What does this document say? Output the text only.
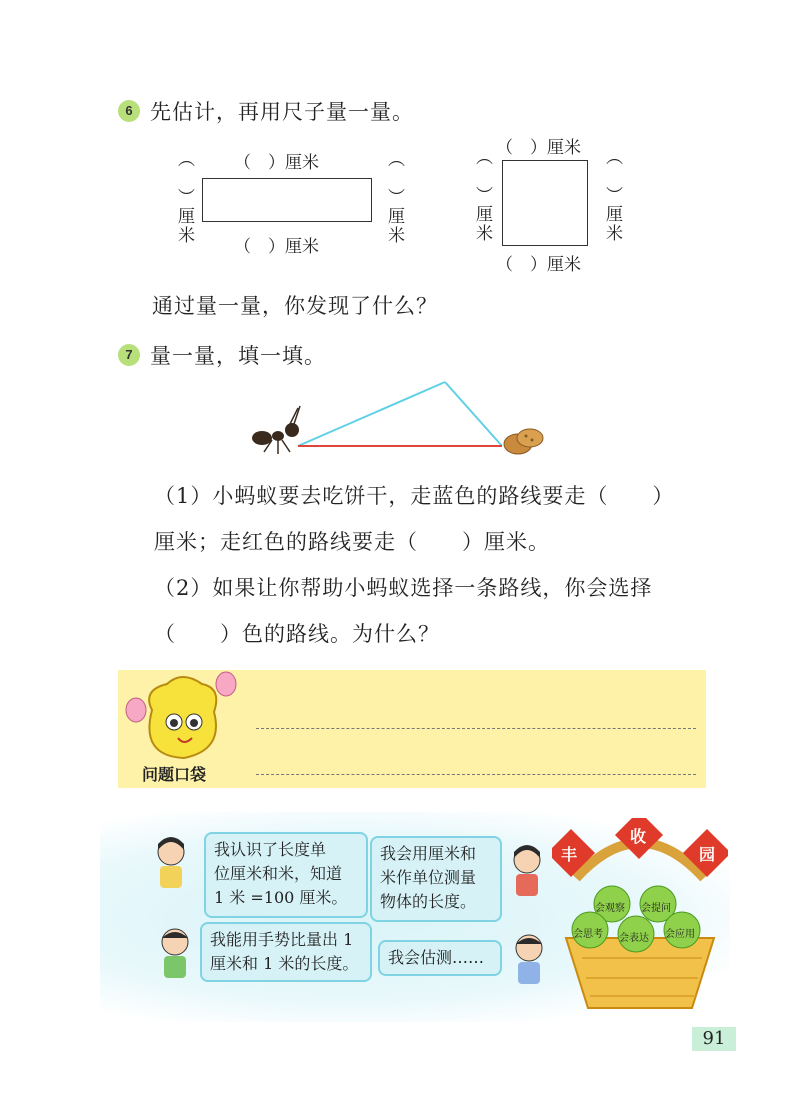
6 先估计，再用尺子量一量。
（　）厘米
（　）厘米
（　）厘米	（　）厘米
（　）厘米
（　）厘米
（　）厘米	（　）厘米
通过量一量，你发现了什么？
7 量一量，填一填。
（1）小蚂蚁要去吃饼干，走蓝色的路线要走（　　）
厘米；走红色的路线要走（　　）厘米。
（2）如果让你帮助小蚂蚁选择一条路线，你会选择
（　　）色的路线。为什么？
问题口袋
我认识了长度单
位厘米和米，知道
1 米 =100 厘米。
我会用厘米和
米作单位测量
物体的长度。
我能用手势比量出 1
厘米和 1 米的长度。	我会估测……
丰
收
园
会观察 会提问
会思考 会表达 会应用
91
